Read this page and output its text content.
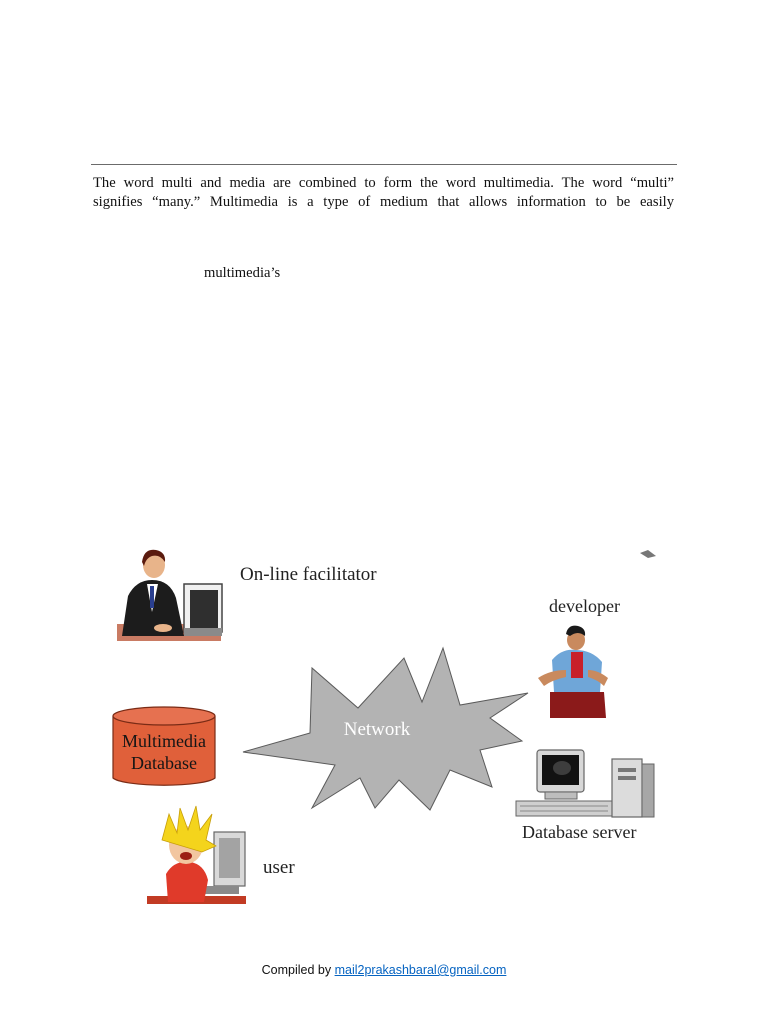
The word multi and media are combined to form the word multimedia. The word “multi”
signifies “many.” Multimedia is a type of medium that allows information to be easily
multimedia’s
Multimedia
Database
Network
On-line facilitator
developer
Database server
user
Compiled by mail2prakashbaral@gmail.com
